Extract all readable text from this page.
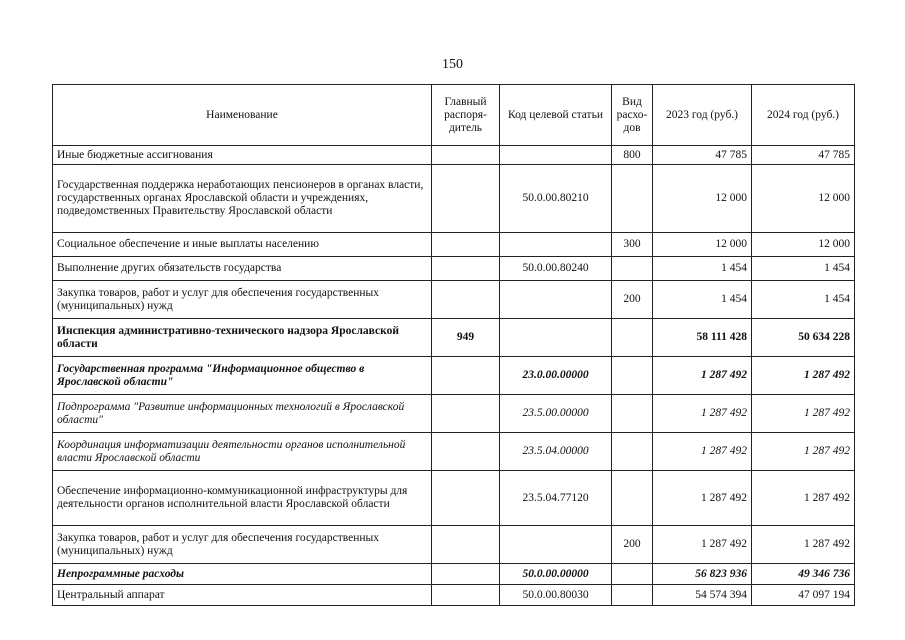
150
Наименование	Главный распоря-дитель	Код целевой статьи	Вид расхо-дов	2023 год (руб.)	2024 год (руб.)
Иные бюджетные ассигнования			800	47 785	47 785
Государственная поддержка неработающих пенсионеров в органах власти, государственных органах Ярославской области и учреждениях, подведомственных Правительству Ярославской области		50.0.00.80210		12 000	12 000
Социальное обеспечение и иные выплаты населению			300	12 000	12 000
Выполнение других обязательств государства		50.0.00.80240		1 454	1 454
Закупка товаров, работ и услуг для обеспечения государственных (муниципальных) нужд			200	1 454	1 454
Инспекция административно-технического надзора Ярославской области	949			58 111 428	50 634 228
Государственная программа "Информационное общество в Ярославской области"		23.0.00.00000		1 287 492	1 287 492
Подпрограмма "Развитие информационных технологий в Ярославской области"		23.5.00.00000		1 287 492	1 287 492
Координация информатизации деятельности органов исполнительной власти Ярославской области		23.5.04.00000		1 287 492	1 287 492
Обеспечение информационно-коммуникационной инфраструктуры для деятельности органов исполнительной власти Ярославской области		23.5.04.77120		1 287 492	1 287 492
Закупка товаров, работ и услуг для обеспечения государственных (муниципальных) нужд			200	1 287 492	1 287 492
Непрограммные расходы		50.0.00.00000		56 823 936	49 346 736
Центральный аппарат		50.0.00.80030		54 574 394	47 097 194
